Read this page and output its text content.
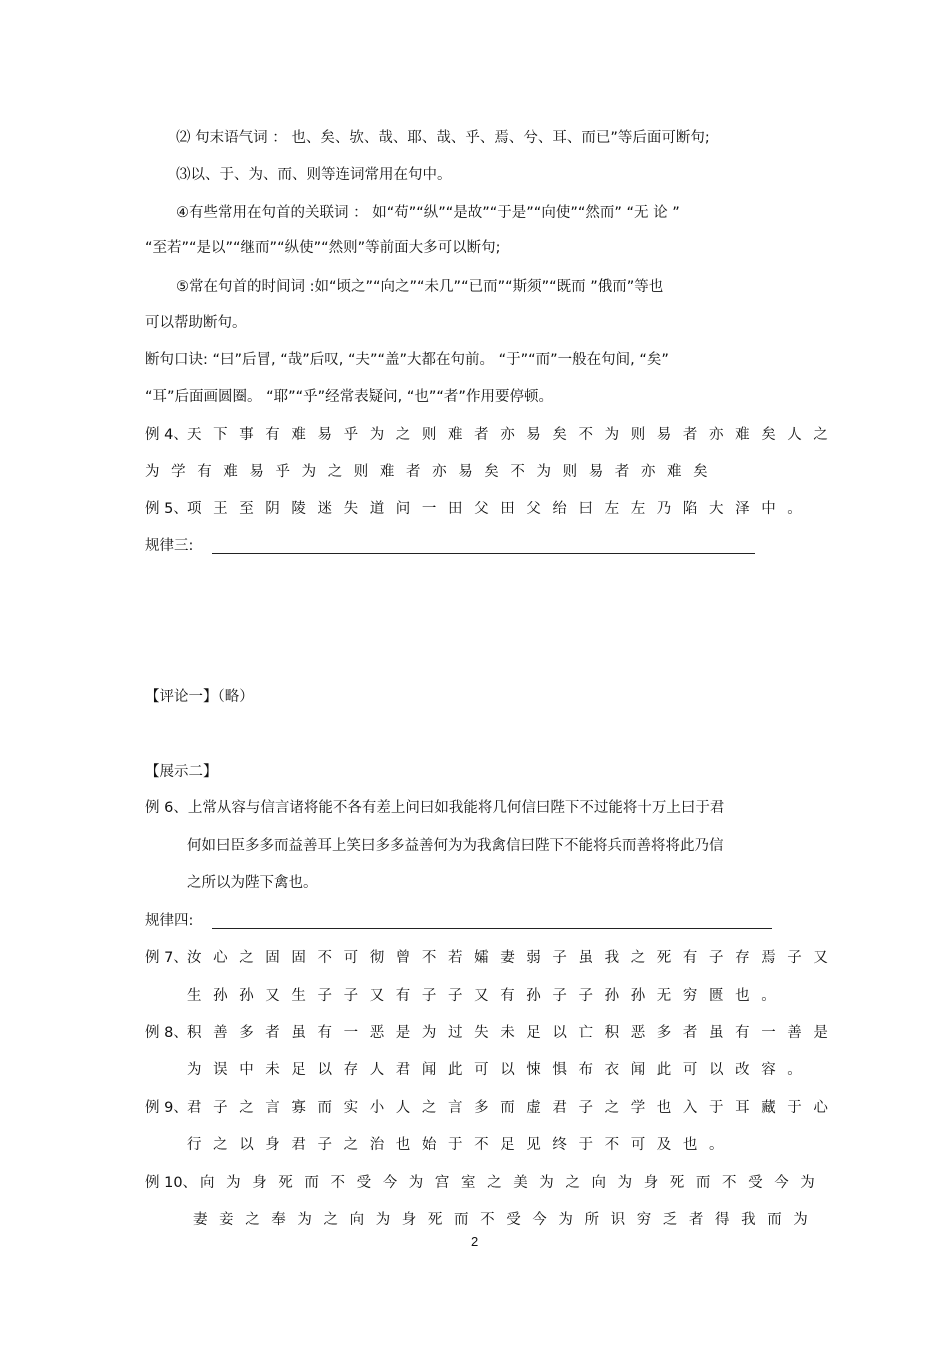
⑵ 句末语气词 ： 也、矣、欤、哉、耶、哉、乎、焉、兮、耳、而已”等后面可断句;
⑶以、于、为、而、则等连词常用在句中。
④有些常用在句首的关联词 ： 如“苟”“纵”“是故”“于是”“向使”“然而” “无 论 ”
“至若”“是以”“继而”“纵使”“然则”等前面大多可以断句;
⑤常在句首的时间词 :如“顷之”“向之”“未几”“已而”“斯须”“既而 ”俄而”等也
可以帮助断句。
断句口诀: “曰”后冒, “哉”后叹, “夫”“盖”大都在句前。 “于”“而”一般在句间, “矣”
“耳”后面画圆圈。 “耶”“乎”经常表疑问, “也”“者”作用要停顿。
例 4、 天下事有难易乎为之则难者亦易矣不为则易者亦难矣人之
为学有难易乎为之则难者亦易矣不为则易者亦难矣
例 5、 项王至阴陵迷失道问一田父田父绐曰左左乃陷大泽中。
规律三:
【评论一】（略）
【展示二】
例 6、上常从容与信言诸将能不各有差上问曰如我能将几何信曰陛下不过能将十万上曰于君
何如曰臣多多而益善耳上笑曰多多益善何为为我禽信曰陛下不能将兵而善将将此乃信
之所以为陛下禽也。
规律四:
例 7、 汝心之固固不可彻曾不若孀妻弱子虽我之死有子存焉子又
生孙孙又生子子又有子子又有孙子子孙孙无穷匮也。
例 8、 积善多者虽有一恶是为过失未足以亡积恶多者虽有一善是
为误中未足以存人君闻此可以悚惧布衣闻此可以改容。
例 9、 君子之言寡而实小人之言多而虚君子之学也入于耳藏于心
行之以身君子之治也始于不足见终于不可及也。
例 10、 向为身死而不受今为宫室之美为之向为身死而不受今为
妻妾之奉为之向为身死而不受今为所识穷乏者得我而为
2
